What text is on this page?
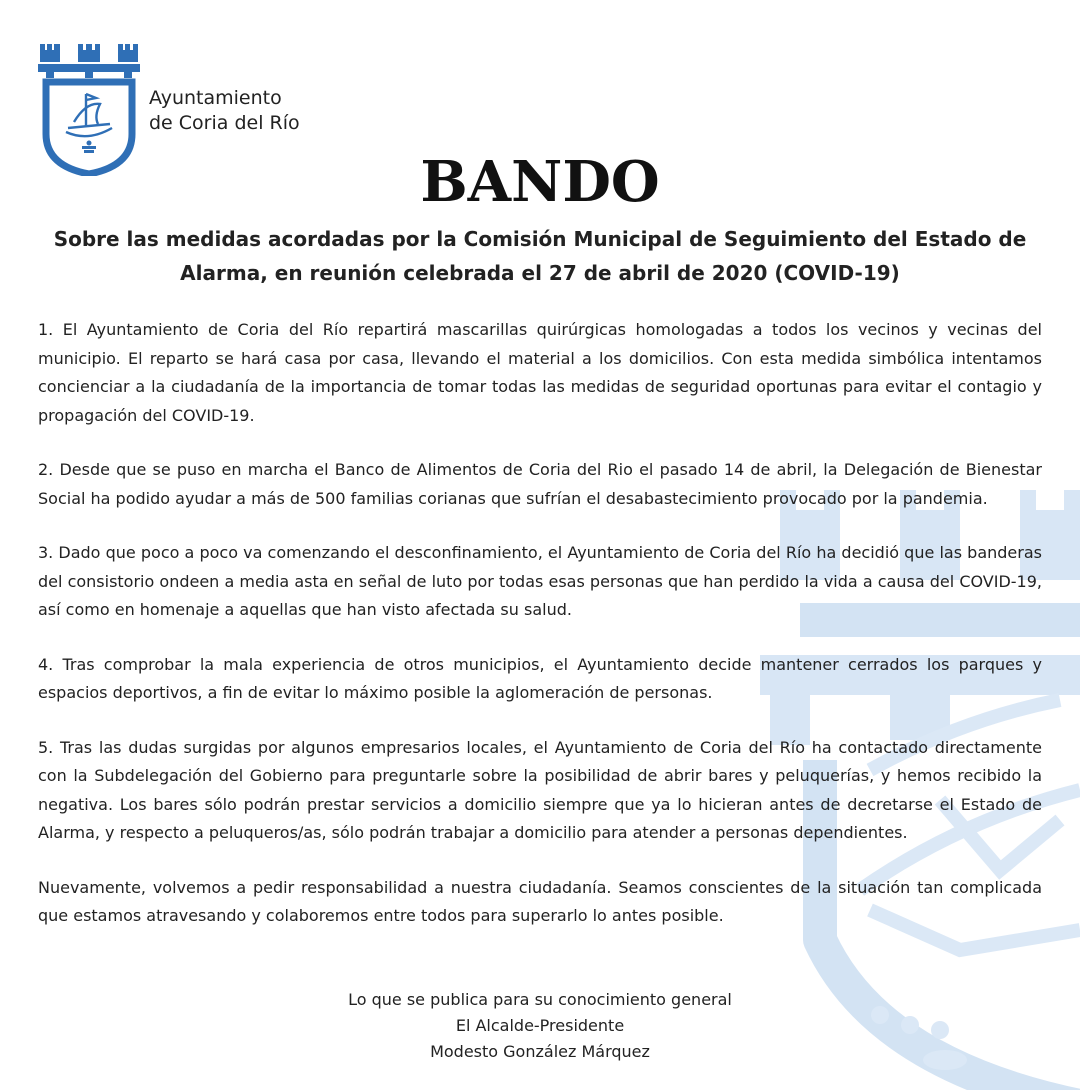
Ayuntamiento
de Coria del Río
BANDO
Sobre las medidas acordadas por la Comisión Municipal de Seguimiento del Estado de Alarma, en reunión celebrada el 27 de abril de 2020 (COVID-19)

1. El Ayuntamiento de Coria del Río repartirá mascarillas quirúrgicas homologadas a todos los vecinos y vecinas del municipio. El reparto se hará casa por casa, llevando el material a los domicilios. Con esta medida simbólica intentamos concienciar a la ciudadanía de la importancia de tomar todas las medidas de seguridad oportunas para evitar el contagio y propagación del COVID-19.

2. Desde que se puso en marcha el Banco de Alimentos de Coria del Rio el pasado 14 de abril, la Delegación de Bienestar Social ha podido ayudar a más de 500 familias corianas que sufrían el desabastecimiento provocado por la pandemia.

3. Dado que poco a poco va comenzando el desconfinamiento, el Ayuntamiento de Coria del Río ha decidió que las banderas del consistorio ondeen a media asta en señal de luto por todas esas personas que han perdido la vida a causa del COVID-19, así como en homenaje a aquellas que han visto afectada su salud.

4. Tras comprobar la mala experiencia de otros municipios, el Ayuntamiento decide mantener cerrados los parques y espacios deportivos, a fin de evitar lo máximo posible la aglomeración de personas.

5. Tras las dudas surgidas por algunos empresarios locales, el Ayuntamiento de Coria del Río ha contactado directamente con la Subdelegación del Gobierno para preguntarle sobre la posibilidad de abrir bares y peluquerías, y hemos recibido la negativa. Los bares sólo podrán prestar servicios a domicilio siempre que ya lo hicieran antes de decretarse el Estado de Alarma, y respecto a peluqueros/as, sólo podrán trabajar a domicilio para atender a personas dependientes.

Nuevamente, volvemos a pedir responsabilidad a nuestra ciudadanía. Seamos conscientes de la situación tan complicada que estamos atravesando y colaboremos entre todos para superarlo lo antes posible.

Lo que se publica para su conocimiento general
El Alcalde-Presidente
Modesto González Márquez
